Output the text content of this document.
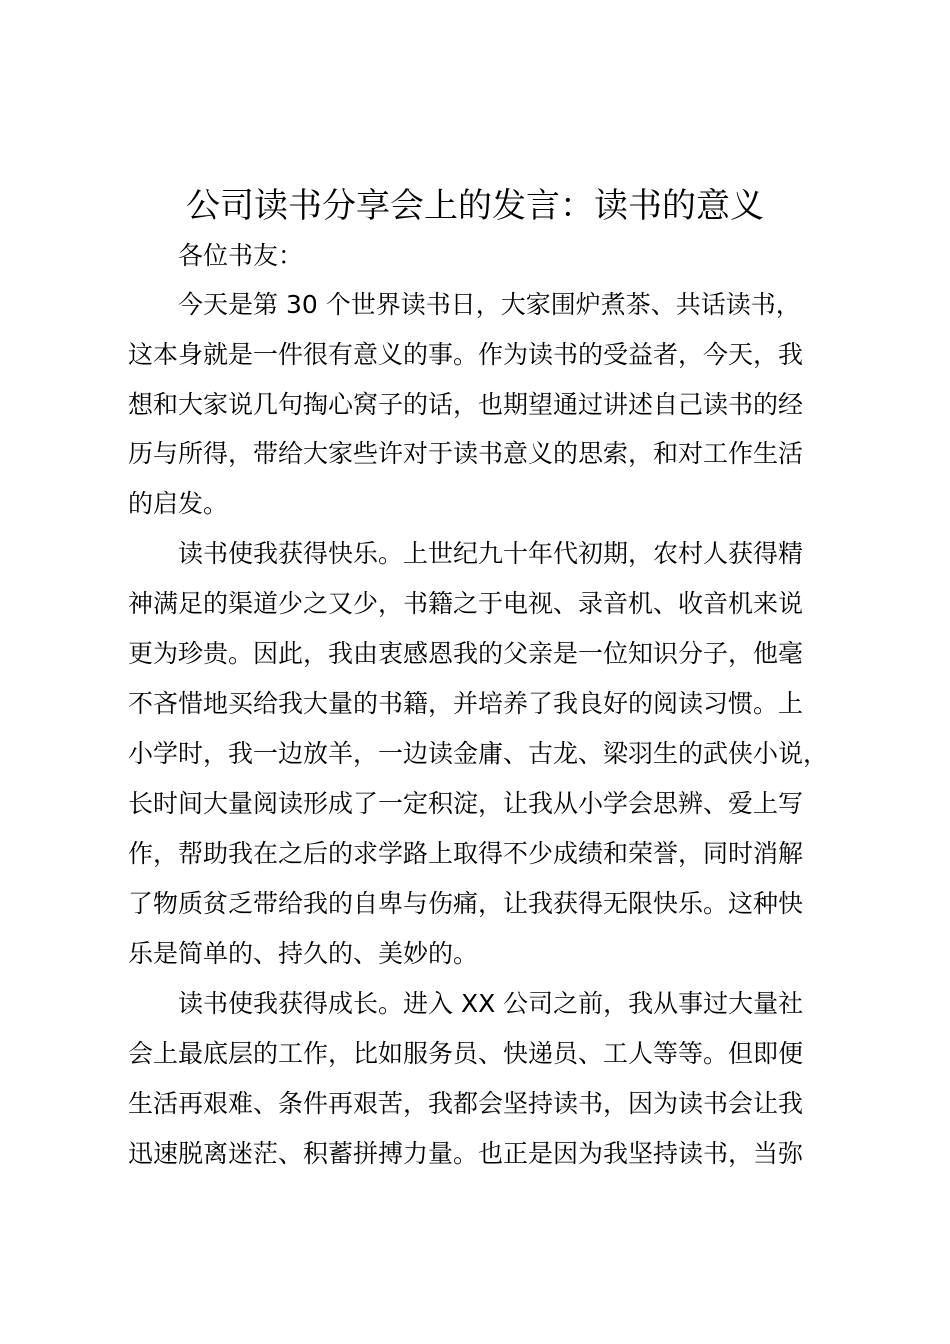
公司读书分享会上的发言：读书的意义

各位书友：

今天是第 30 个世界读书日，大家围炉煮茶、共话读书，

这本身就是一件很有意义的事。作为读书的受益者，今天，我

想和大家说几句掏心窝子的话，也期望通过讲述自己读书的经

历与所得，带给大家些许对于读书意义的思索，和对工作生活

的启发。

读书使我获得快乐。上世纪九十年代初期，农村人获得精

神满足的渠道少之又少，书籍之于电视、录音机、收音机来说

更为珍贵。因此，我由衷感恩我的父亲是一位知识分子，他毫

不吝惜地买给我大量的书籍，并培养了我良好的阅读习惯。上

小学时，我一边放羊，一边读金庸、古龙、梁羽生的武侠小说，

长时间大量阅读形成了一定积淀，让我从小学会思辨、爱上写

作，帮助我在之后的求学路上取得不少成绩和荣誉，同时消解

了物质贫乏带给我的自卑与伤痛，让我获得无限快乐。这种快

乐是简单的、持久的、美妙的。

读书使我获得成长。进入 XX 公司之前，我从事过大量社

会上最底层的工作，比如服务员、快递员、工人等等。但即便

生活再艰难、条件再艰苦，我都会坚持读书，因为读书会让我

迅速脱离迷茫、积蓄拼搏力量。也正是因为我坚持读书，当弥
